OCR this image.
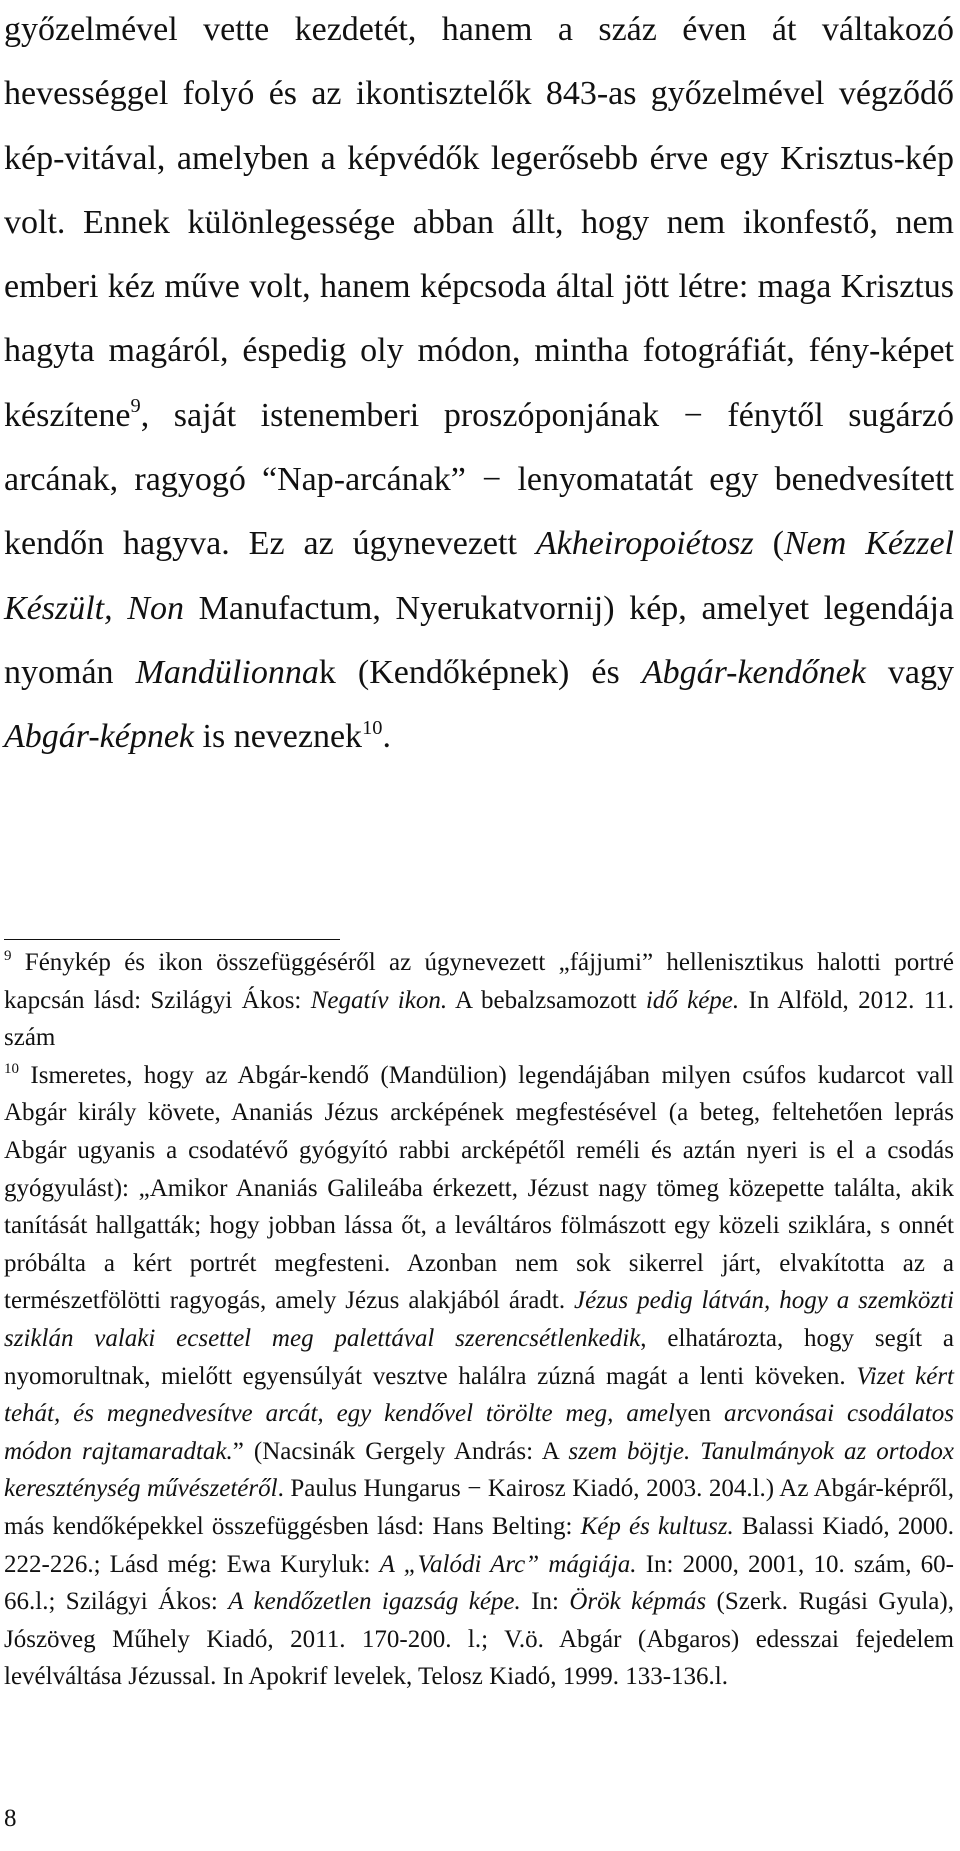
győzelmével vette kezdetét, hanem a száz éven át váltakozó hevességgel folyó és az ikontisztelők 843-as győzelmével végződő kép-vitával, amelyben a képvédők legerősebb érve egy Krisztus-kép volt. Ennek különlegessége abban állt, hogy nem ikonfestő, nem emberi kéz műve volt, hanem képcsoda által jött létre: maga Krisztus hagyta magáról, éspedig oly módon, mintha fotográfiát, fény-képet készítene$^9$, saját istenemberi proszóponjának − fénytől sugárzó arcának, ragyogó “Nap-arcának” − lenyomatatát egy benedvesített kendőn hagyva. Ez az úgynevezett Akheiropoiétosz (Nem Kézzel Készült, Non Manufactum, Nyerukatvornij) kép, amelyet legendája nyomán Mandülionnak (Kendőképnek) és Abgár-kendőnek vagy Abgár-képnek is neveznek$^{10}$.

$^9$ Fénykép és ikon összefüggéséről az úgynevezett „fájjumi” hellenisztikus halotti portré kapcsán lásd: Szilágyi Ákos: Negatív ikon. A bebalzsamozott idő képe. In Alföld, 2012. 11. szám

$^{10}$ Ismeretes, hogy az Abgár-kendő (Mandülion) legendájában milyen csúfos kudarcot vall Abgár király követe, Ananiás Jézus arcképének megfestésével (a beteg, feltehetően leprás Abgár ugyanis a csodatévő gyógyító rabbi arcképétől reméli és aztán nyeri is el a csodás gyógyulást): „Amikor Ananiás Galileába érkezett, Jézust nagy tömeg közepette találta, akik tanítását hallgatták; hogy jobban lássa őt, a leváltáros fölmászott egy közeli sziklára, s onnét próbálta a kért portrét megfesteni. Azonban nem sok sikerrel járt, elvakította az a természetfölötti ragyogás, amely Jézus alakjából áradt. Jézus pedig látván, hogy a szemközti sziklán valaki ecsettel meg palettával szerencsétlenkedik, elhatározta, hogy segít a nyomorultnak, mielőtt egyensúlyát vesztve halálra zúzná magát a lenti köveken. Vizet kért tehát, és megnedvesítve arcát, egy kendővel törölte meg, amelyen arcvonásai csodálatos módon rajtamaradtak.” (Nacsinák Gergely András: A szem böjtje. Tanulmányok az ortodox kereszténység művészetéről. Paulus Hungarus − Kairosz Kiadó, 2003. 204.l.) Az Abgár-képről, más kendőképekkel összefüggésben lásd: Hans Belting: Kép és kultusz. Balassi Kiadó, 2000. 222-226.; Lásd még: Ewa Kuryluk: A „Valódi Arc” mágiája. In: 2000, 2001, 10. szám, 60-66.l.; Szilágyi Ákos: A kendőzetlen igazság képe. In: Örök képmás (Szerk. Rugási Gyula), Jószöveg Műhely Kiadó, 2011. 170-200. l.; V.ö. Abgár (Abgaros) edesszai fejedelem levélváltása Jézussal. In Apokrif levelek, Telosz Kiadó, 1999. 133-136.l.

8
